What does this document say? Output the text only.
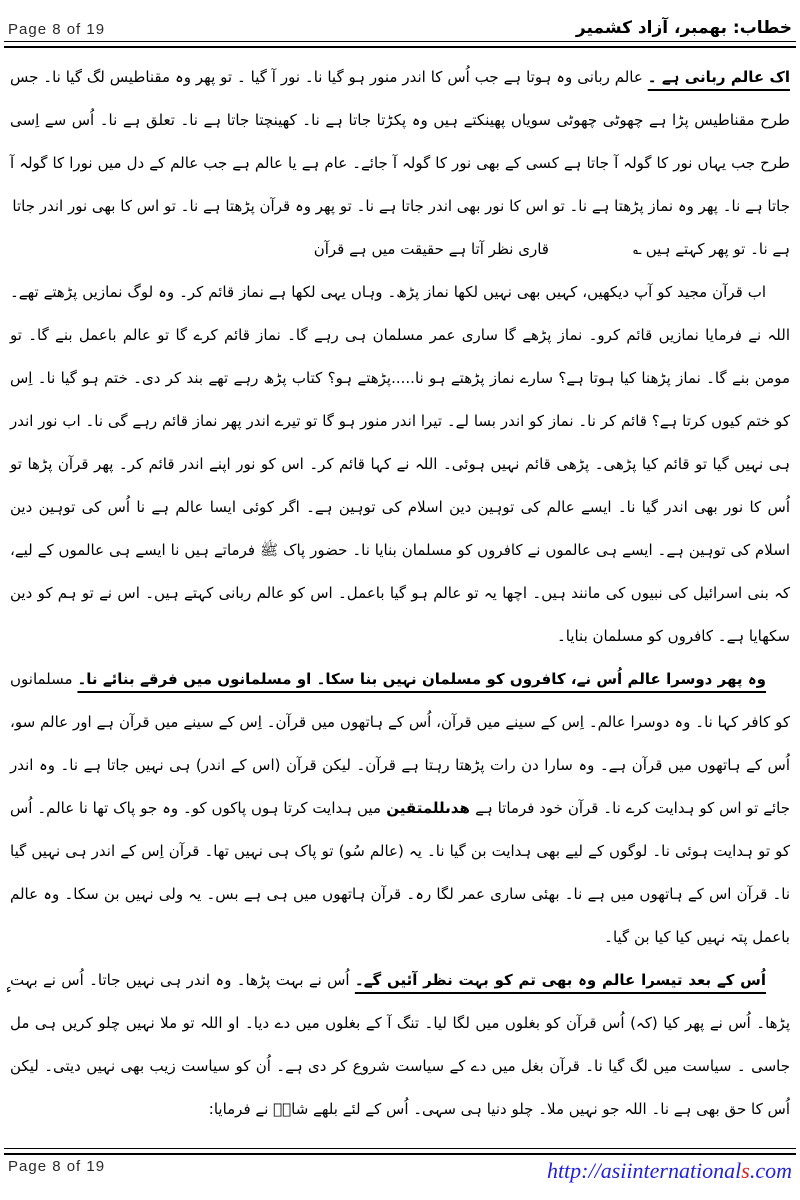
Page 8 of 19	خطاب: بھمبر، آزاد کشمیر

اک عالم ربانی ہے ۔ عالم ربانی وہ ہوتا ہے جب اُس کا اندر منور ہو گیا نا۔ نور آ گیا ۔ تو پھر وہ مقناطیس لگ گیا نا۔ جس طرح مقناطیس پڑا ہے چھوٹی چھوٹی سویاں پھینکتے ہیں وہ پکڑتا جاتا ہے نا۔ کھینچتا جاتا ہے نا۔ تعلق ہے نا۔ اُس سے اِسی طرح جب یہاں نور کا گولہ آ جاتا ہے کسی کے بھی نور کا گولہ آ جائے۔ عام ہے یا عالم ہے جب عالم کے دل میں نورا کا گولہ آ جاتا ہے نا۔ پھر وہ نماز پڑھتا ہے نا۔ تو اس کا نور بھی اندر جاتا ہے نا۔ تو پھر وہ قرآن پڑھتا ہے نا۔ تو اس کا بھی نور اندر جاتا

ہے نا۔ تو پھر کہتے ہیں؎
قاری نظر آتا ہے حقیقت میں ہے قرآن

اب قرآن مجید کو آپ دیکھیں، کہیں بھی نہیں لکھا نماز پڑھ۔ وہاں یہی لکھا ہے نماز قائم کر۔ وہ لوگ نمازیں پڑھتے تھے۔ اللہ نے فرمایا نمازیں قائم کرو۔ نماز پڑھے گا ساری عمر مسلمان ہی رہے گا۔ نماز قائم کرے گا تو عالم باعمل بنے گا۔ تو مومن بنے گا۔ نماز پڑھنا کیا ہوتا ہے؟ سارے نماز پڑھتے ہو نا.....پڑھتے ہو؟ کتاب پڑھ رہے تھے بند کر دی۔ ختم ہو گیا نا۔ اِس کو ختم کیوں کرتا ہے؟ قائم کر نا۔ نماز کو اندر بسا لے۔ تیرا اندر منور ہو گا تو تیرے اندر پھر نماز قائم رہے گی نا۔ اب نور اندر ہی نہیں گیا تو قائم کیا پڑھی۔ پڑھی قائم نہیں ہوئی۔ اللہ نے کہا قائم کر۔ اس کو نور اپنے اندر قائم کر۔ پھر قرآن پڑھا تو اُس کا نور بھی اندر گیا نا۔ ایسے عالم کی توہین دین اسلام کی توہین ہے۔ اگر کوئی ایسا عالم ہے نا اُس کی توہین دین اسلام کی توہین ہے۔ ایسے ہی عالموں نے کافروں کو مسلمان بنایا نا۔ حضور پاک ﷺ فرماتے ہیں نا ایسے ہی عالموں کے لیے، کہ بنی اسرائیل کی نبیوں کی مانند ہیں۔ اچھا یہ تو عالم ہو گیا باعمل۔ اس کو عالم ربانی کہتے ہیں۔ اس نے تو ہم کو دین سکھایا ہے۔ کافروں کو مسلمان بنایا۔

وہ پھر دوسرا عالم اُس نے، کافروں کو مسلمان نہیں بنا سکا۔ او مسلمانوں میں فرقے بنائے نا۔ مسلمانوں کو کافر کہا نا۔ وہ دوسرا عالم۔ اِس کے سینے میں قرآن، اُس کے ہاتھوں میں قرآن۔ اِس کے سینے میں قرآن ہے اور عالم سو، اُس کے ہاتھوں میں قرآن ہے۔ وہ سارا دن رات پڑھتا رہتا ہے قرآن۔ لیکن قرآن (اس کے اندر) ہی نہیں جاتا ہے نا۔ وہ اندر جائے تو اس کو ہدایت کرے نا۔ قرآن خود فرماتا ہے ھدىللمتقین میں ہدایت کرتا ہوں پاکوں کو۔ وہ جو پاک تھا نا عالم۔ اُس کو تو ہدایت ہوئی نا۔ لوگوں کے لیے بھی ہدایت بن گیا نا۔ یہ (عالم سُو) تو پاک ہی نہیں تھا۔ قرآن اِس کے اندر ہی نہیں گیا نا۔ قرآن اس کے ہاتھوں میں ہے نا۔ بھئی ساری عمر لگا رہ۔ قرآن ہاتھوں میں ہی ہے بس۔ یہ ولی نہیں بن سکا۔ وہ عالم باعمل پتہ نہیں کیا کیا بن گیا۔

اُس کے بعد تیسرا عالم وہ بھی تم کو بہت نظر آئیں گے۔ اُس نے بہت پڑھا۔ وہ اندر ہی نہیں جاتا۔ اُس نے بہت پڑھا۔ اُس نے پھر کیا (کہ) اُس قرآن کو بغلوں میں لگا لیا۔ تنگ آ کے بغلوں میں دے دیا۔ او اللہ تو ملا نہیں چلو کریں ہی مل جاسی ۔ سیاست میں لگ گیا نا۔ قرآن بغل میں دے کے سیاست شروع کر دی ہے۔ اُن کو سیاست زیب بھی نہیں دیتی۔ لیکن اُس کا حق بھی ہے نا۔ اللہ جو نہیں ملا۔ چلو دنیا ہی سہی۔ اُس کے لئے بلھے شاہؒ نے فرمایا:

ء
Page 8 of 19	http://asiinternationals.com
